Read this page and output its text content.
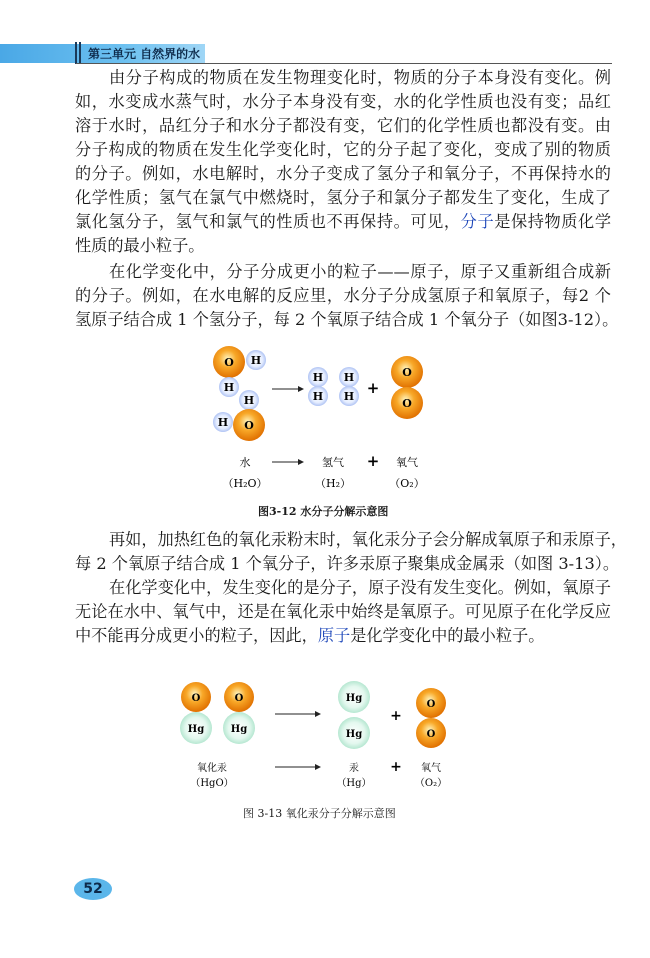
第三单元 自然界的水
由分子构成的物质在发生物理变化时，物质的分子本身没有变化。例
如，水变成水蒸气时，水分子本身没有变，水的化学性质也没有变；品红
溶于水时，品红分子和水分子都没有变，它们的化学性质也都没有变。由
分子构成的物质在发生化学变化时，它的分子起了变化，变成了别的物质
的分子。例如，水电解时，水分子变成了氢分子和氧分子，不再保持水的
化学性质；氢气在氯气中燃烧时，氢分子和氯分子都发生了变化，生成了
氯化氢分子，氢气和氯气的性质也不再保持。可见，分子是保持物质化学
性质的最小粒子。
在化学变化中，分子分成更小的粒子——原子，原子又重新组合成新
的分子。例如，在水电解的反应里，水分子分成氢原子和氧原子，每2 个
氢原子结合成 1 个氢分子，每 2 个氧原子结合成 1 个氧分子（如图3-12）。
O H
H
H
O
H
H
H
H
H +
O
O
水	氢气 + 氧气
（H₂O）	（H₂）	（O₂）
图3-12 水分子分解示意图
再如，加热红色的氧化汞粉末时，氧化汞分子会分解成氧原子和汞原子，
每 2 个氧原子结合成 1 个氧分子，许多汞原子聚集成金属汞（如图 3-13）。
在化学变化中，发生变化的是分子，原子没有发生变化。例如，氧原子
无论在水中、氧气中，还是在氧化汞中始终是氧原子。可见原子在化学反应
中不能再分成更小的粒子，因此，原子是化学变化中的最小粒子。
O
Hg
O
Hg
Hg
Hg
+
O
O
氧化汞	汞 + 氧气
（HgO）	（Hg）	（O₂）
图 3-13 氧化汞分子分解示意图
52
